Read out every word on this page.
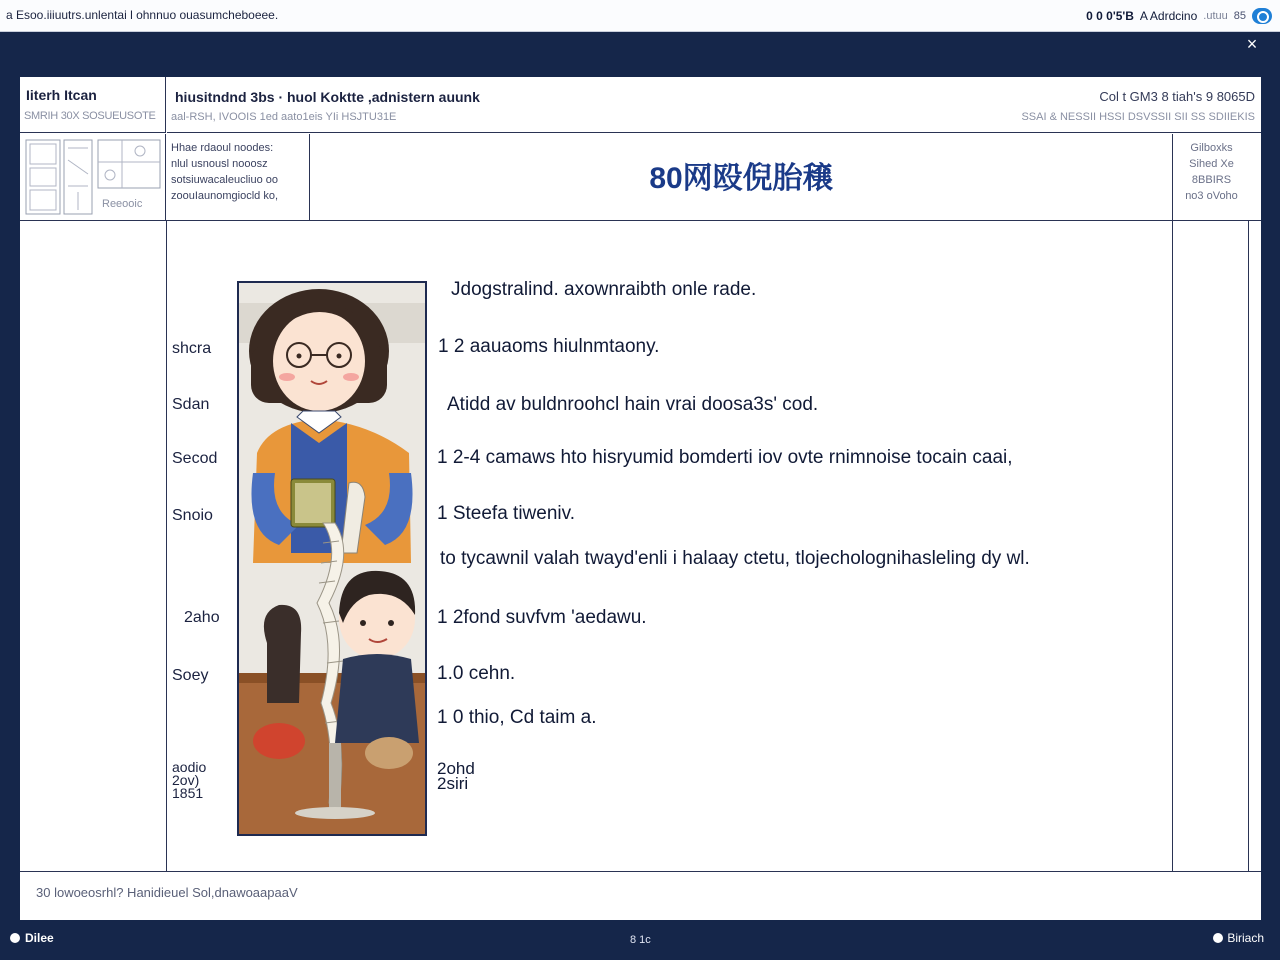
a Esoo.iiiuutrs.unlentai l ohnnuo ouasumcheboeee.	0 0 0'5'B A Adrdcino .utuu 85
×
Iiterh Itcan
SMRIH 30X SOSUEUSOTE
hiusitndnd 3bs · huol Koktte ,adnistern auunk
aal-RSH, IVOOIS 1ed aato1eis YIi HSJTU31E
Col t GM3 8 tiah's 9 8065D
SSAI & NESSII HSSI DSVSSII SII SS SDIIEKIS
Reeooic
Hhae rdaoul noodes:
nlul usnousl nooosz
sotsiuwacaleucliuo oo
zoouIaunomgiocld ko,
80网殴倪胎穣
Gilboxks
Sihed Xe
8BBIRS
no3 oVoho
shcra
Sdan
Secod
Snoio
2aho
Soey
aodio
2ov)
1851
Jdogstralind. axownraibth onle rade.
1 2 aauaoms hiulnmtaony.
Atidd av buldnroohcl hain vrai doosa3s' cod.
1 2-4 camaws hto hisryumid bomderti iov ovte rnimnoise tocain caai,
1 Steefa tiweniv.
to tycawnil valah twayd'enli i halaay ctetu, tlojecholognihasleling dy wl.
1 2fond suvfvm 'aedawu.
1.0 cehn.
1 0 thio, Cd taim a.
2ohd
2siri
30 lowoeosrhl? Hanidieuel Sol,dnawoaapaaV
Dilee	8 1c	Biriach
